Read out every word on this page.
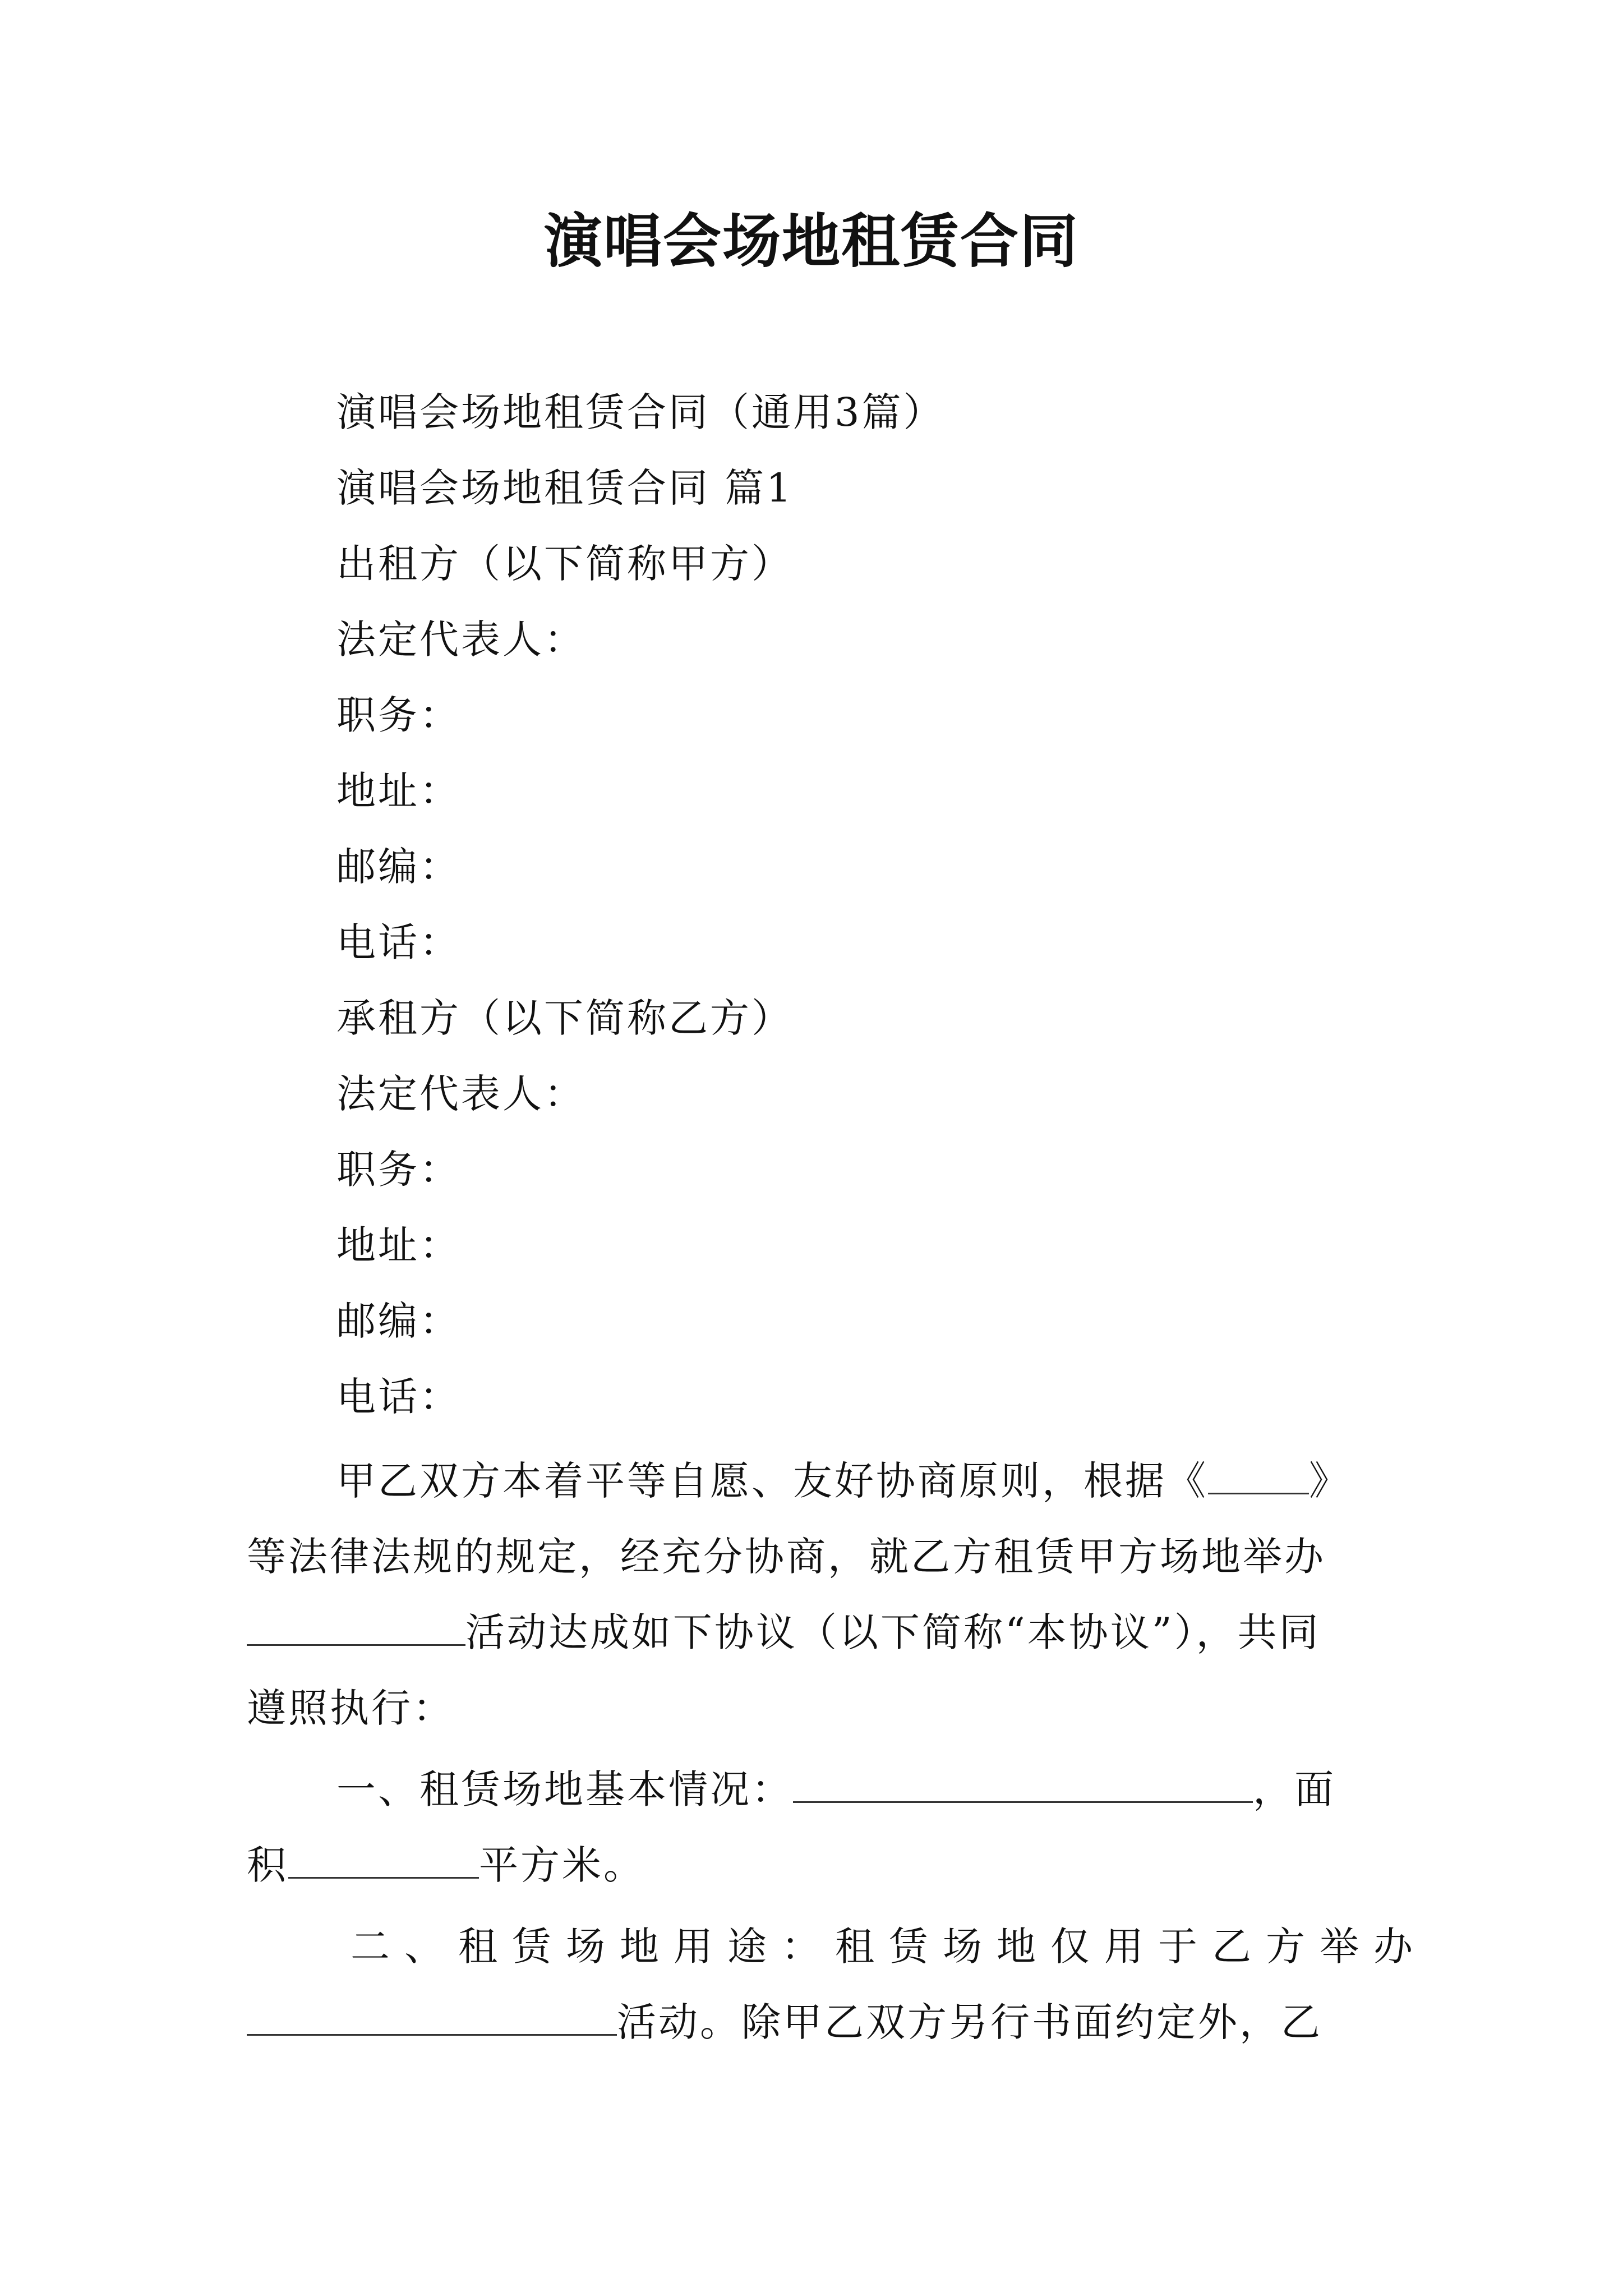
演唱会场地租赁合同
演唱会场地租赁合同（通用3篇）
演唱会场地租赁合同 篇1
出租方（以下简称甲方）
法定代表人：
职务：
地址：
邮编：
电话：
承租方（以下简称乙方）
法定代表人：
职务：
地址：
邮编：
电话：
甲乙双方本着平等自愿、友好协商原则，根据《	》
等法律法规的规定，经充分协商，就乙方租赁甲方场地举办
活动达成如下协议（以下简称“本协议”），共同
遵照执行：
一、租赁场地基本情况：	，面
积	平方米。
二、租赁场地用途：租赁场地仅用于乙方举办
活动。除甲乙双方另行书面约定外，乙
